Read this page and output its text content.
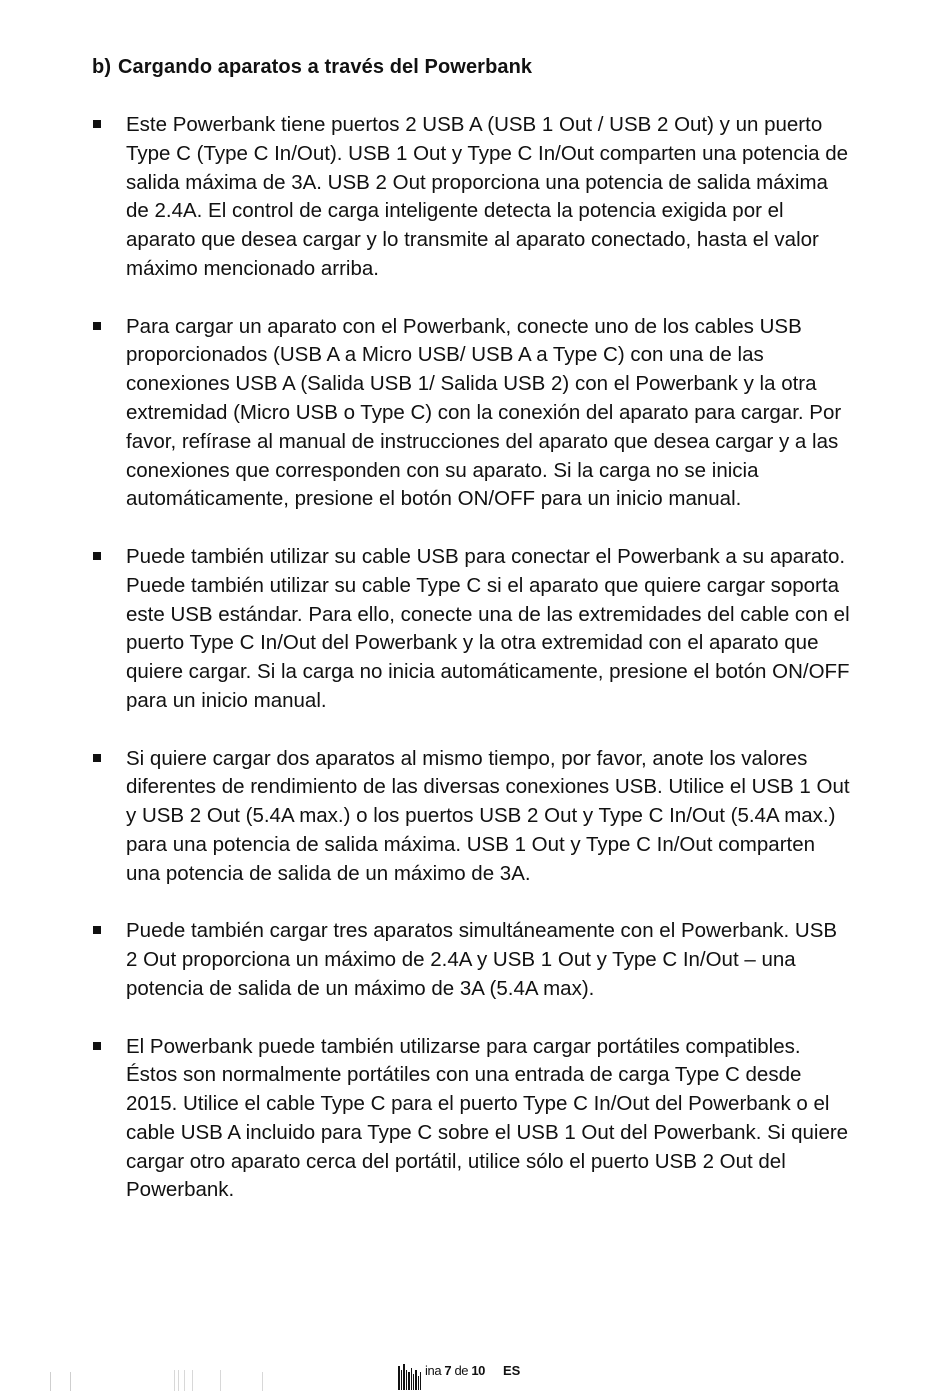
b) Cargando aparatos a través del Powerbank
Este Powerbank tiene puertos 2 USB A (USB 1 Out / USB 2 Out) y un puerto Type C (Type C In/Out). USB 1 Out y Type C In/Out comparten una potencia de salida máxima de 3A. USB 2 Out proporciona una potencia de salida máxima de 2.4A. El control de carga inteligente detecta la potencia exigida por el aparato que desea cargar y lo transmite al aparato conectado, hasta el valor máximo mencionado arriba.
Para cargar un aparato con el Powerbank, conecte uno de los cables USB proporcionados (USB A a Micro USB/ USB A a Type C) con una de las conexiones USB A (Salida USB 1/ Salida USB 2) con el Powerbank y la otra extremidad (Micro USB o Type C) con la conexión del aparato para cargar. Por favor, refírase al manual de instrucciones del aparato que desea cargar y a las conexiones que corresponden con su aparato. Si la carga no se inicia automáticamente, presione el botón ON/OFF para un inicio manual.
Puede también utilizar su cable USB para conectar el Powerbank a su aparato. Puede también utilizar su cable Type C si el aparato que quiere cargar soporta este USB estándar. Para ello, conecte una de las extremidades del cable con el puerto Type C In/Out del Powerbank y la otra extremidad con el aparato que quiere cargar. Si la carga no inicia automáticamente, presione el botón ON/OFF para un inicio manual.
Si quiere cargar dos aparatos al mismo tiempo, por favor, anote los valores diferentes de rendimiento de las diversas conexiones USB. Utilice el USB 1 Out y USB 2 Out (5.4A max.) o los puertos USB 2 Out y Type C In/Out (5.4A max.) para una potencia de salida máxima. USB 1 Out y Type C In/Out comparten una potencia de salida de un máximo de 3A.
Puede también cargar tres aparatos simultáneamente con el Powerbank. USB 2 Out proporciona un máximo de 2.4A y USB 1 Out y Type C In/Out – una potencia de salida de un máximo de 3A (5.4A max).
El Powerbank puede también utilizarse para cargar portátiles compatibles. Éstos son normalmente portátiles con una entrada de carga Type C desde 2015. Utilice el cable Type C para el puerto Type C In/Out del Powerbank o el cable USB A incluido para Type C sobre el USB 1 Out del Powerbank. Si quiere cargar otro aparato cerca del portátil, utilice sólo el puerto USB 2 Out del Powerbank.
ina 7 de 10 ES
